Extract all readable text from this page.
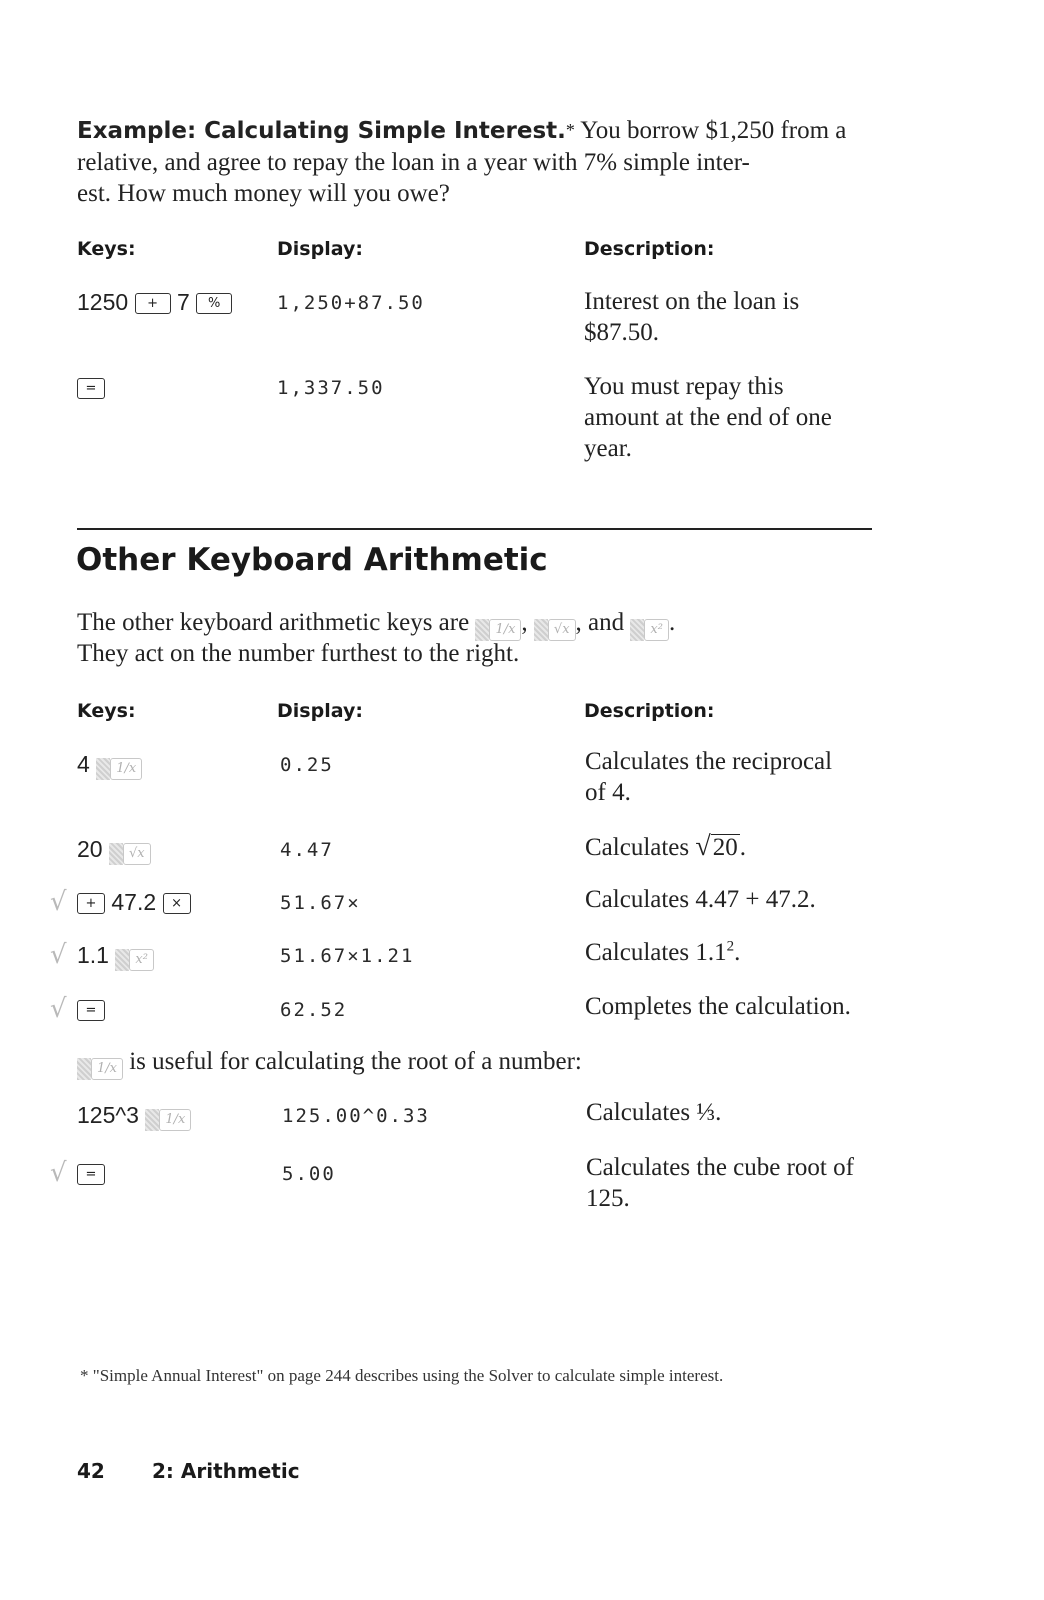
Example: Calculating Simple Interest.* You borrow $1,250 from a
relative, and agree to repay the loan in a year with 7% simple inter-
est. How much money will you owe?
Keys:	Display:	Description:
1250 + 7 %	1,250+87.50	Interest on the loan is
$87.50.
=	1,337.50	You must repay this
amount at the end of one
year.
Other Keyboard Arithmetic
The other keyboard arithmetic keys are 1/x , √x , and x² .
They act on the number furthest to the right.
Keys:	Display:	Description:
4 1/x	0.25	Calculates the reciprocal
of 4.
20 √x	4.47	Calculates √20.
√	+ 47.2 ×	51.67×	Calculates 4.47 + 47.2.
√ 1.1 x²	51.67×1.21	Calculates $1.1^2$.
√	=	62.52	Completes the calculation.
1/x is useful for calculating the root of a number:
125^3 1/x	125.00^0.33	Calculates ⅓.
√	=	5.00	Calculates the cube root of
125.
* "Simple Annual Interest" on page 244 describes using the Solver to calculate simple interest.
42 2: Arithmetic
